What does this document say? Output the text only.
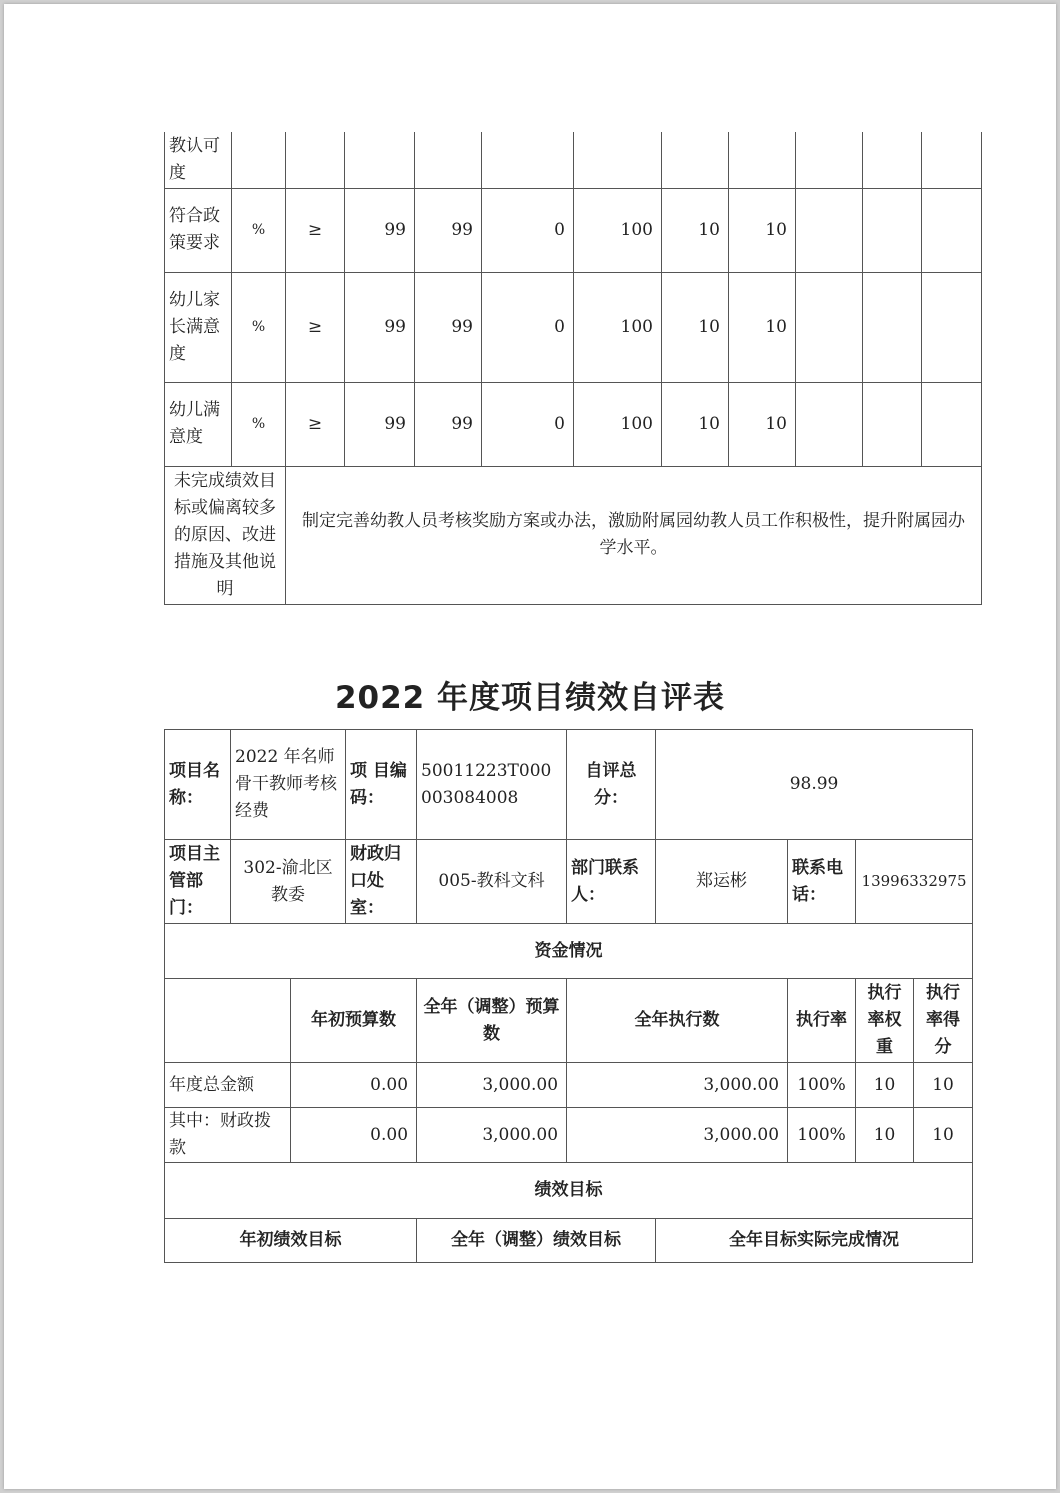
教认可度											
符合政策要求	%	≥	99	99	0	100	10	10			
幼儿家长满意度	%	≥	99	99	0	100	10	10			
幼儿满意度	%	≥	99	99	0	100	10	10			
未完成绩效目标或偏离较多的原因、改进措施及其他说明		制定完善幼教人员考核奖励方案或办法，激励附属园幼教人员工作积极性，提升附属园办学水平。									
2022 年度项目绩效自评表
项目名称：	2022 年名师骨干教师考核经费		项 目编码：	50011223T000003084008	自评总分：	98.99			
项目主管部门：	302-渝北区教委		财政归口处室：	005-教科文科	部门联系人：	郑运彬	联系电话：	13996332975	
资金情况									
		年初预算数		全年（调整）预算数	全年执行数		执行率	执行率权重	执行率得分
年度总金额		0.00		3,000.00	3,000.00		100%	10	10
其中：财政拨款		0.00		3,000.00	3,000.00		100%	10	10
绩效目标									
年初绩效目标				全年（调整）绩效目标		全年目标实际完成情况			
